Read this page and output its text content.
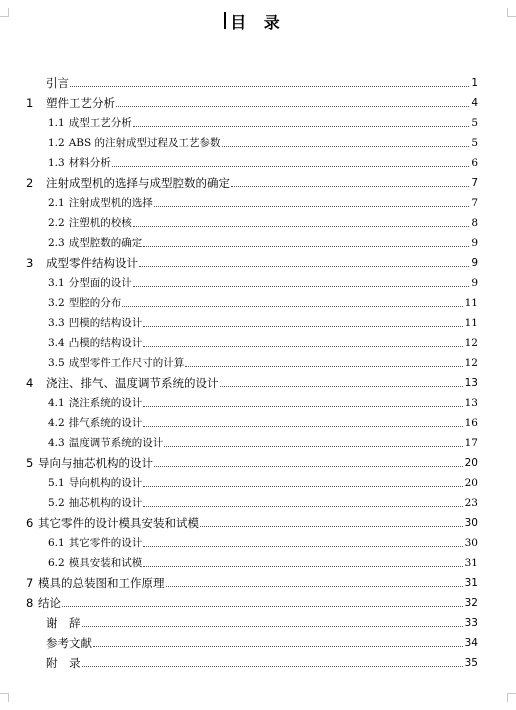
目 录
引言	1
1	塑件工艺分析	4
1.1 成型工艺分析	5
1.2 ABS 的注射成型过程及工艺参数	5
1.3 材料分析	6
2	注射成型机的选择与成型腔数的确定	7
2.1 注射成型机的选择	7
2.2 注塑机的校核	8
2.3 成型腔数的确定	9
3	成型零件结构设计	9
3.1 分型面的设计	9
3.2 型腔的分布	11
3.3 凹模的结构设计	11
3.4 凸模的结构设计	12
3.5 成型零件工作尺寸的计算	12
4	浇注、排气、温度调节系统的设计	13
4.1 浇注系统的设计	13
4.2 排气系统的设计	16
4.3 温度调节系统的设计	17
5 导向与抽芯机构的设计	20
5.1 导向机构的设计	20
5.2 抽芯机构的设计	23
6 其它零件的设计模具安装和试模	30
6.1 其它零件的设计	30
6.2 模具安装和试模	31
7 模具的总装图和工作原理	31
8 结论	32
谢　辞	33
参考文献	34
附　录	35
